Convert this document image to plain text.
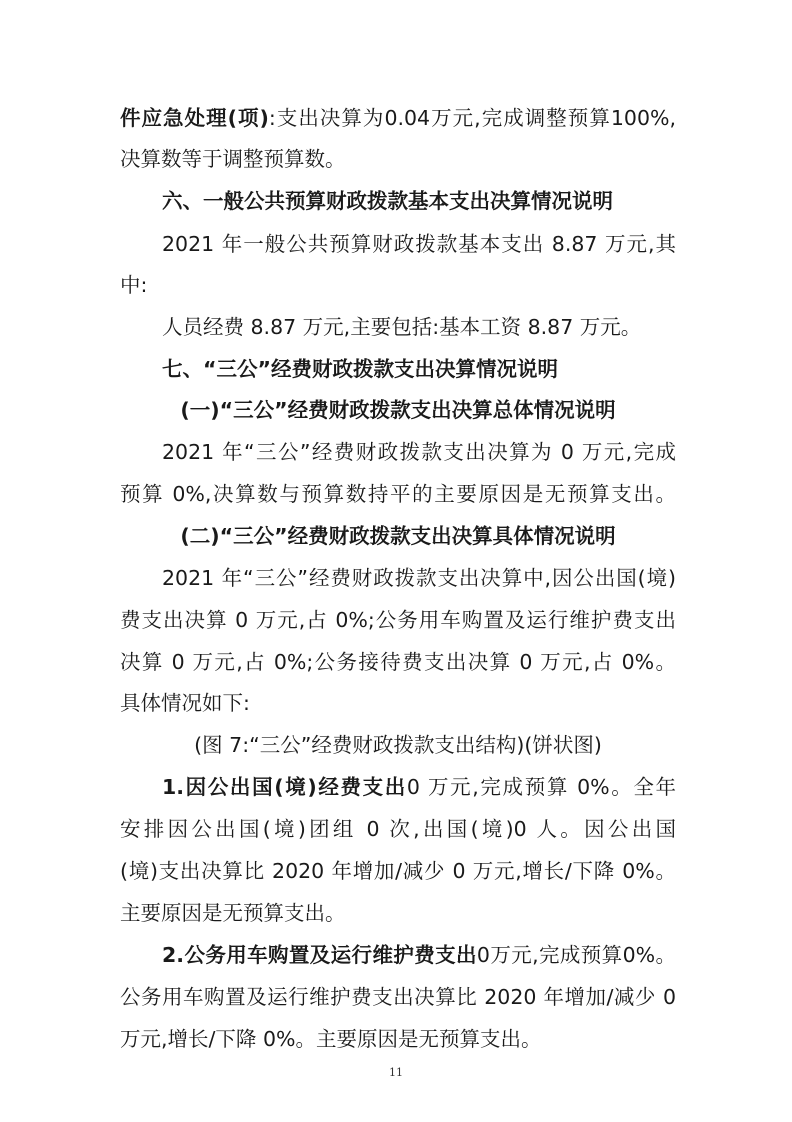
件应急处理(项):支出决算为0.04万元,完成调整预算100%,

决算数等于调整预算数。

六、一般公共预算财政拨款基本支出决算情况说明

2021 年一般公共预算财政拨款基本支出 8.87 万元,其

中:

人员经费 8.87 万元,主要包括:基本工资 8.87 万元。

七、“三公”经费财政拨款支出决算情况说明

(一)“三公”经费财政拨款支出决算总体情况说明

2021 年“三公”经费财政拨款支出决算为 0 万元,完成

预算 0%,决算数与预算数持平的主要原因是无预算支出。

(二)“三公”经费财政拨款支出决算具体情况说明

2021 年“三公”经费财政拨款支出决算中,因公出国(境)

费支出决算 0 万元,占 0%;公务用车购置及运行维护费支出

决算 0 万元,占 0%;公务接待费支出决算 0 万元,占 0%。

具体情况如下:

(图 7:“三公”经费财政拨款支出结构)(饼状图)

1.因公出国(境)经费支出0 万元,完成预算 0%。全年

安排因公出国(境)团组 0 次,出国(境)0 人。因公出国

(境)支出决算比 2020 年增加/减少 0 万元,增长/下降 0%。

主要原因是无预算支出。

2.公务用车购置及运行维护费支出0万元,完成预算0%。

公务用车购置及运行维护费支出决算比 2020 年增加/减少 0

万元,增长/下降 0%。主要原因是无预算支出。

11
